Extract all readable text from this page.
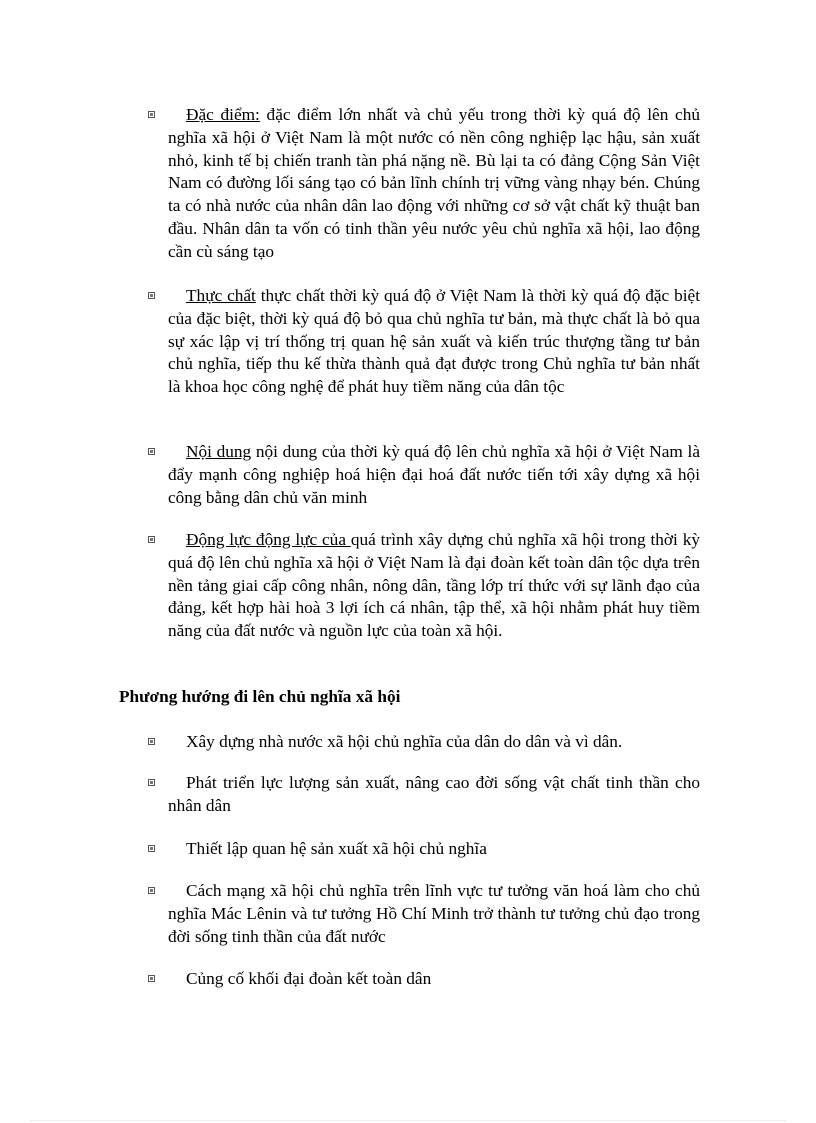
Đặc điểm: đặc điểm lớn nhất và chủ yếu trong thời kỳ quá độ lên chủ nghĩa xã hội ở Việt Nam là một nước có nền công nghiệp lạc hậu, sản xuất nhỏ, kinh tế bị chiến tranh tàn phá nặng nề. Bù lại ta có đảng Cộng Sản Việt Nam có đường lối sáng tạo có bản lĩnh chính trị vững vàng nhạy bén. Chúng ta có nhà nước của nhân dân lao động với những cơ sở vật chất kỹ thuật ban đầu. Nhân dân ta vốn có tinh thần yêu nước yêu chủ nghĩa xã hội, lao động cần cù sáng tạo
Thực chất thực chất thời kỳ quá độ ở Việt Nam là thời kỳ quá độ đặc biệt của đặc biệt, thời kỳ quá độ bỏ qua chủ nghĩa tư bản, mà thực chất là bỏ qua sự xác lập vị trí thống trị quan hệ sản xuất và kiến trúc thượng tầng tư bản chủ nghĩa, tiếp thu kế thừa thành quả đạt được trong Chủ nghĩa tư bản nhất là khoa học công nghệ để phát huy tiềm năng của dân tộc
Nội dung nội dung của thời kỳ quá độ lên chủ nghĩa xã hội ở Việt Nam là đẩy mạnh công nghiệp hoá hiện đại hoá đất nước tiến tới xây dựng xã hội công bằng dân chủ văn minh
Động lực động lực của quá trình xây dựng chủ nghĩa xã hội trong thời kỳ quá độ lên chủ nghĩa xã hội ở Việt Nam là đại đoàn kết toàn dân tộc dựa trên nền tảng giai cấp công nhân, nông dân, tầng lớp trí thức với sự lãnh đạo của đảng, kết hợp hài hoà 3 lợi ích cá nhân, tập thể, xã hội nhằm phát huy tiềm năng của đất nước và nguồn lực của toàn xã hội.
Phương hướng đi lên chủ nghĩa xã hội
Xây dựng nhà nước xã hội chủ nghĩa của dân do dân và vì dân.
Phát triển lực lượng sản xuất, nâng cao đời sống vật chất tinh thần cho nhân dân
Thiết lập quan hệ sản xuất xã hội chủ nghĩa
Cách mạng xã hội chủ nghĩa trên lĩnh vực tư tưởng văn hoá làm cho chủ nghĩa Mác Lênin và tư tưởng Hồ Chí Minh trở thành tư tưởng chủ đạo trong đời sống tinh thần của đất nước
Củng cố khối đại đoàn kết toàn dân
